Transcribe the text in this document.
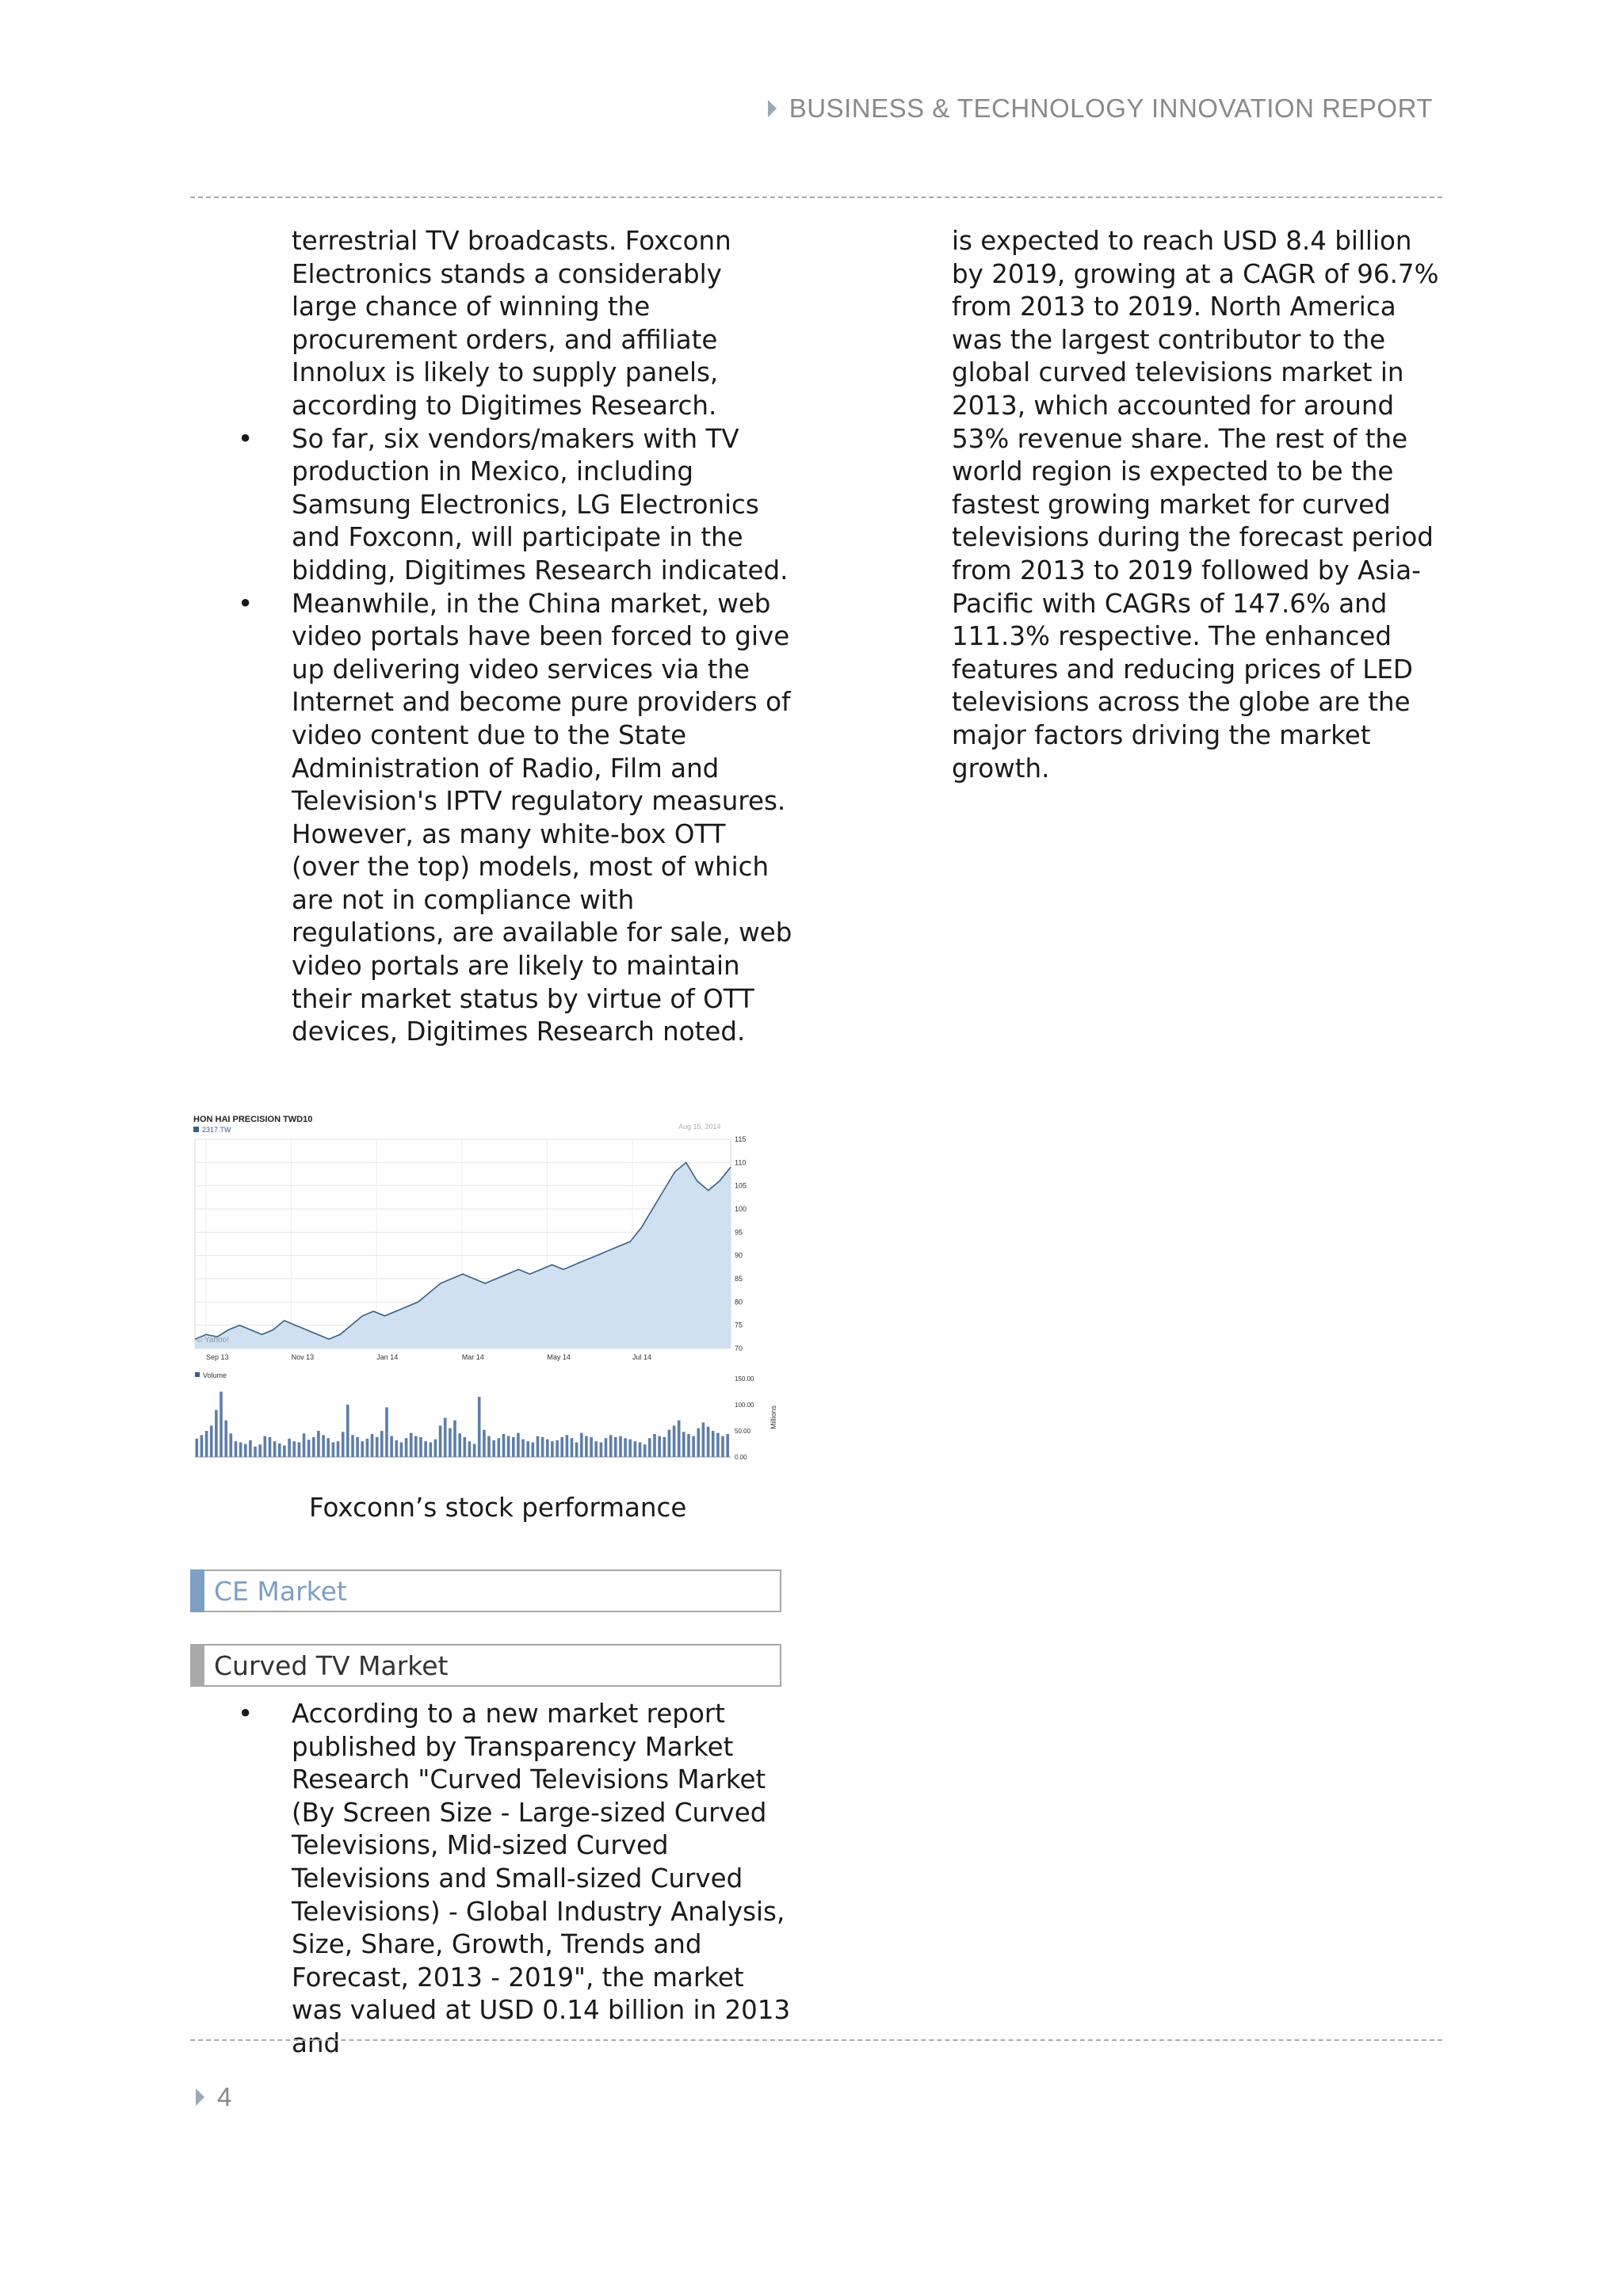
BUSINESS & TECHNOLOGY INNOVATION REPORT
terrestrial TV broadcasts. Foxconn Electronics stands a considerably large chance of winning the procurement orders, and affiliate Innolux is likely to supply panels, according to Digitimes Research.
• So far, six vendors/makers with TV production in Mexico, including Samsung Electronics, LG Electronics and Foxconn, will participate in the bidding, Digitimes Research indicated.
• Meanwhile, in the China market, web video portals have been forced to give up delivering video services via the Internet and become pure providers of video content due to the State Administration of Radio, Film and Television's IPTV regulatory measures. However, as many white-box OTT (over the top) models, most of which are not in compliance with regulations, are available for sale, web video portals are likely to maintain their market status by virtue of OTT devices, Digitimes Research noted.
is expected to reach USD 8.4 billion by 2019, growing at a CAGR of 96.7% from 2013 to 2019. North America was the largest contributor to the global curved televisions market in 2013, which accounted for around 53% revenue share. The rest of the world region is expected to be the fastest growing market for curved televisions during the forecast period from 2013 to 2019 followed by Asia-Pacific with CAGRs of 147.6% and 111.3% respective. The enhanced features and reducing prices of LED televisions across the globe are the major factors driving the market growth.
HON HAI PRECISION TWD10
2317.TW	Aug 15, 2014
70
75
80
85
90
95
100
105
110
115
Sep 13	Nov 13	Jan 14	Mar 14	May 14	Jul 14
© Yahoo!
Volume
0.00
50.00
100.00
150.00
Millions
Foxconn’s stock performance
CE Market
Curved TV Market
• According to a new market report published by Transparency Market Research "Curved Televisions Market (By Screen Size - Large-sized Curved Televisions, Mid-sized Curved Televisions and Small-sized Curved Televisions) - Global Industry Analysis, Size, Share, Growth, Trends and Forecast, 2013 - 2019", the market was valued at USD 0.14 billion in 2013 and
4
